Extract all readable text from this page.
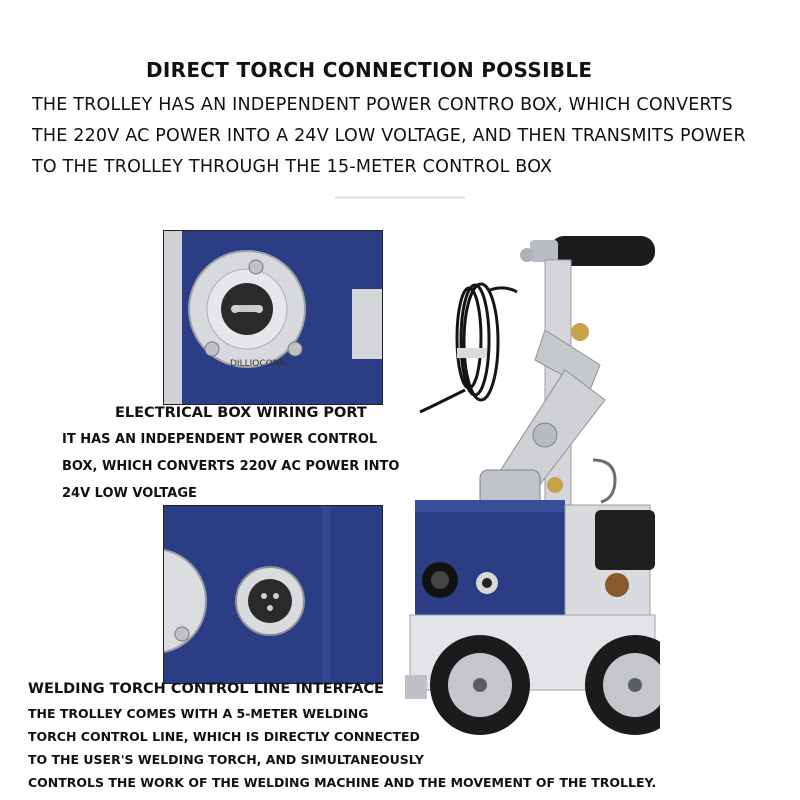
DIRECT TORCH CONNECTION POSSIBLE
THE TROLLEY HAS AN INDEPENDENT POWER CONTRO BOX, WHICH CONVERTS
THE 220V AC POWER INTO A 24V LOW VOLTAGE, AND THEN TRANSMITS POWER
TO THE TROLLEY THROUGH THE 15-METER CONTROL BOX
DILLIOCONN
ELECTRICAL BOX WIRING PORT
IT HAS AN INDEPENDENT POWER CONTROL
BOX, WHICH CONVERTS 220V AC POWER INTO
24V LOW VOLTAGE
WELDING TORCH CONTROL LINE INTERFACE
THE TROLLEY COMES WITH A 5-METER WELDING
TORCH CONTROL LINE, WHICH IS DIRECTLY CONNECTED
TO THE USER'S WELDING TORCH, AND SIMULTANEOUSLY
CONTROLS THE WORK OF THE WELDING MACHINE AND THE MOVEMENT OF THE TROLLEY.
